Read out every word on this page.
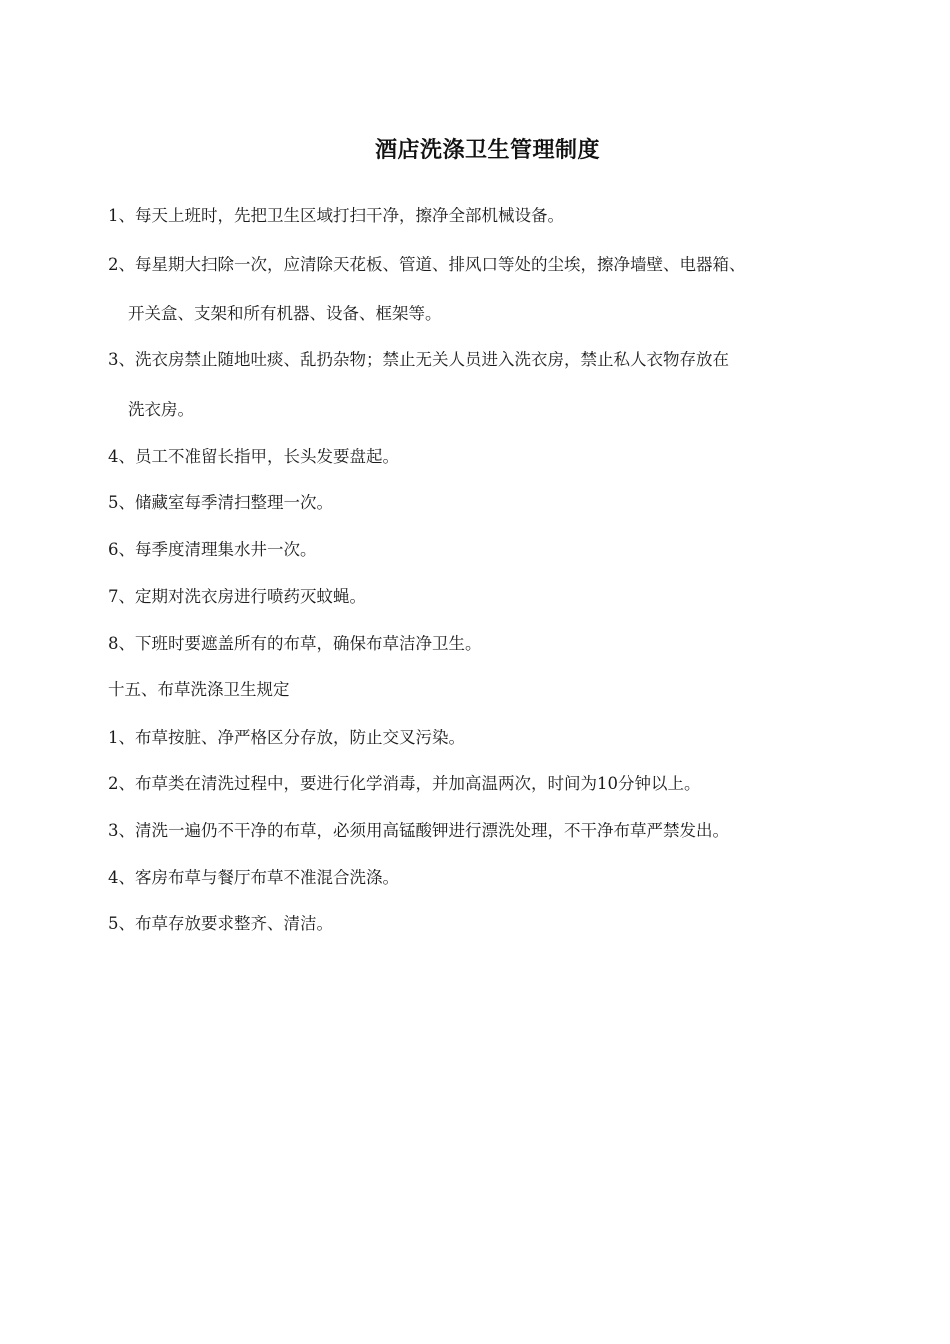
酒店洗涤卫生管理制度
1、每天上班时，先把卫生区域打扫干净，擦净全部机械设备。
2、每星期大扫除一次，应清除天花板、管道、排风口等处的尘埃，擦净墙壁、电器箱、
开关盒、支架和所有机器、设备、框架等。
3、洗衣房禁止随地吐痰、乱扔杂物；禁止无关人员进入洗衣房，禁止私人衣物存放在
洗衣房。
4、员工不准留长指甲，长头发要盘起。
5、储藏室每季清扫整理一次。
6、每季度清理集水井一次。
7、定期对洗衣房进行喷药灭蚊蝇。
8、下班时要遮盖所有的布草，确保布草洁净卫生。
十五、布草洗涤卫生规定
1、布草按脏、净严格区分存放，防止交叉污染。
2、布草类在清洗过程中，要进行化学消毒，并加高温两次，时间为10分钟以上。
3、清洗一遍仍不干净的布草，必须用高锰酸钾进行漂洗处理，不干净布草严禁发出。
4、客房布草与餐厅布草不准混合洗涤。
5、布草存放要求整齐、清洁。
